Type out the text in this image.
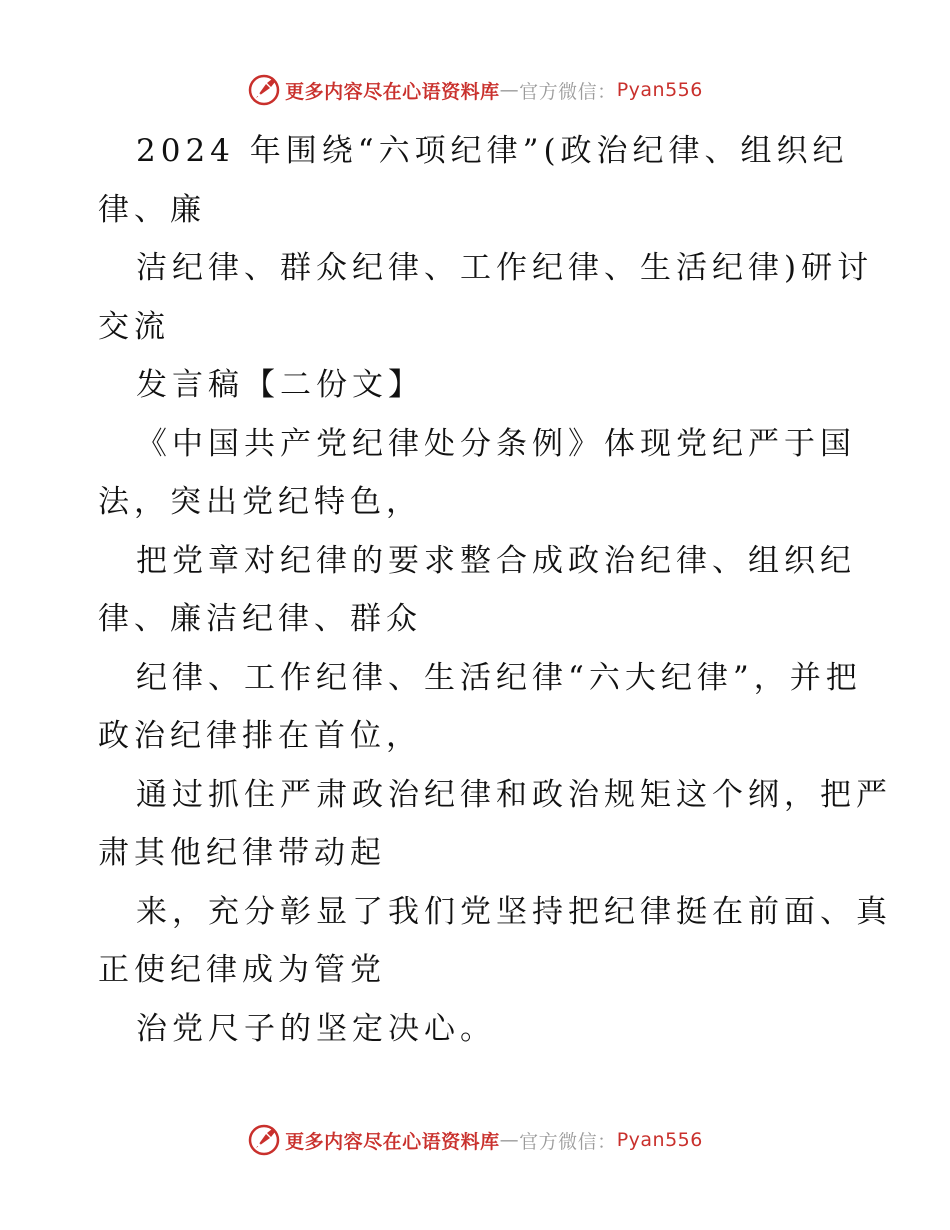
更多内容尽在心语资料库 — 官方微信： Pyan556

2024 年围绕“六项纪律”(政治纪律、组织纪
律、廉

洁纪律、群众纪律、工作纪律、生活纪律)研讨
交流

发言稿【二份文】

《中国共产党纪律处分条例》体现党纪严于国
法，突出党纪特色，

把党章对纪律的要求整合成政治纪律、组织纪
律、廉洁纪律、群众

纪律、工作纪律、生活纪律“六大纪律”，并把
政治纪律排在首位，

通过抓住严肃政治纪律和政治规矩这个纲，把严
肃其他纪律带动起

来，充分彰显了我们党坚持把纪律挺在前面、真
正使纪律成为管党

治党尺子的坚定决心。

更多内容尽在心语资料库 — 官方微信： Pyan556
